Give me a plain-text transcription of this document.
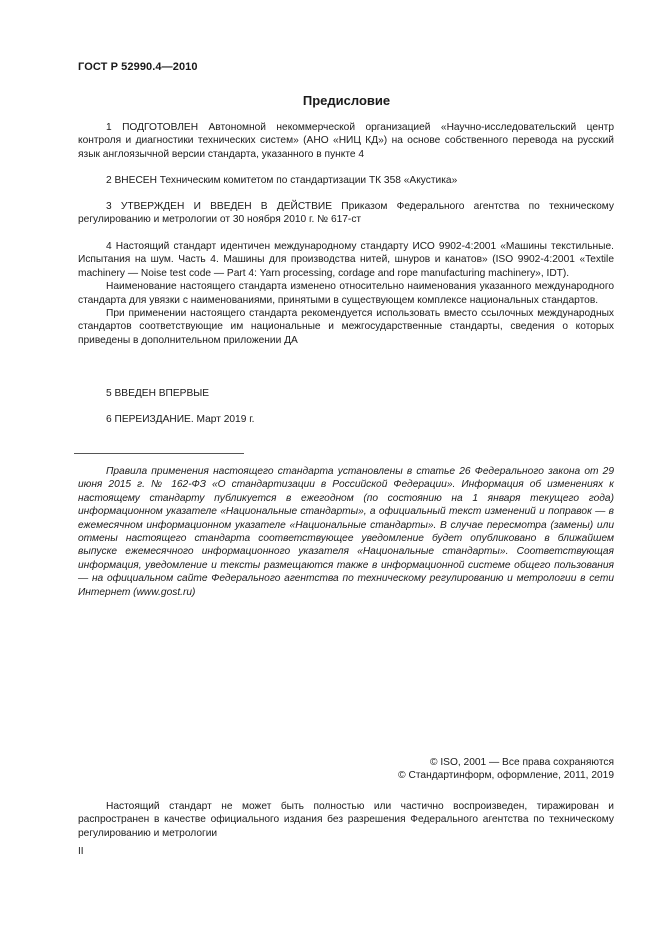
ГОСТ Р 52990.4—2010
Предисловие

1 ПОДГОТОВЛЕН Автономной некоммерческой организацией «Научно-исследовательский центр контроля и диагностики технических систем» (АНО «НИЦ КД») на основе собственного перевода на русский язык англоязычной версии стандарта, указанного в пункте 4

2 ВНЕСЕН Техническим комитетом по стандартизации ТК 358 «Акустика»

3 УТВЕРЖДЕН И ВВЕДЕН В ДЕЙСТВИЕ Приказом Федерального агентства по техническому регулированию и метрологии от 30 ноября 2010 г. № 617-ст

4 Настоящий стандарт идентичен международному стандарту ИСО 9902-4:2001 «Машины текстильные. Испытания на шум. Часть 4. Машины для производства нитей, шнуров и канатов» (ISO 9902-4:2001 «Textile machinery — Noise test code — Part 4: Yarn processing, cordage and rope manufacturing machinery», IDT).

Наименование настоящего стандарта изменено относительно наименования указанного международного стандарта для увязки с наименованиями, принятыми в существующем комплексе национальных стандартов.

При применении настоящего стандарта рекомендуется использовать вместо ссылочных международных стандартов соответствующие им национальные и межгосударственные стандарты, сведения о которых приведены в дополнительном приложении ДА

5 ВВЕДЕН ВПЕРВЫЕ

6 ПЕРЕИЗДАНИЕ. Март 2019 г.

Правила применения настоящего стандарта установлены в статье 26 Федерального закона от 29 июня 2015 г. № 162-ФЗ «О стандартизации в Российской Федерации». Информация об изменениях к настоящему стандарту публикуется в ежегодном (по состоянию на 1 января текущего года) информационном указателе «Национальные стандарты», а официальный текст изменений и поправок — в ежемесячном информационном указателе «Национальные стандарты». В случае пересмотра (замены) или отмены настоящего стандарта соответствующее уведомление будет опубликовано в ближайшем выпуске ежемесячного информационного указателя «Национальные стандарты». Соответствующая информация, уведомление и тексты размещаются также в информационной системе общего пользования — на официальном сайте Федерального агентства по техническому регулированию и метрологии в сети Интернет (www.gost.ru)

© ISO, 2001 — Все права сохраняются
© Стандартинформ, оформление, 2011, 2019

Настоящий стандарт не может быть полностью или частично воспроизведен, тиражирован и распространен в качестве официального издания без разрешения Федерального агентства по техническому регулированию и метрологии

II
